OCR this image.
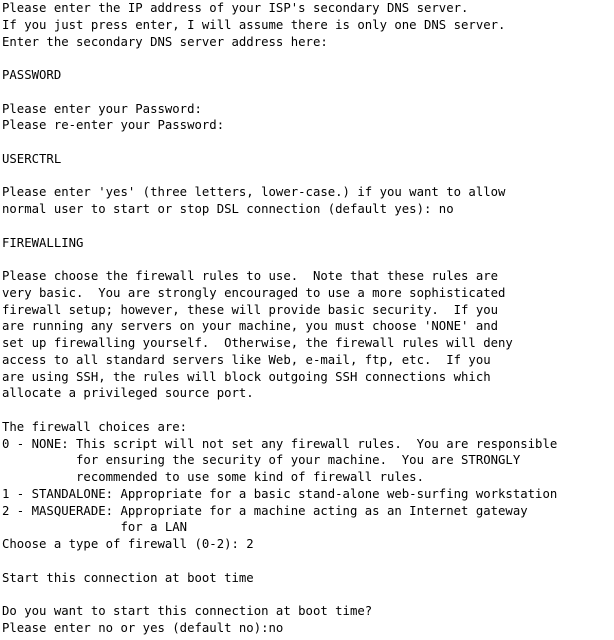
Please enter the IP address of your ISP's secondary DNS server.
If you just press enter, I will assume there is only one DNS server.
Enter the secondary DNS server address here:
PASSWORD
Please enter your Password:
Please re-enter your Password:
USERCTRL
Please enter 'yes' (three letters, lower-case.) if you want to allow
normal user to start or stop DSL connection (default yes): no
FIREWALLING
Please choose the firewall rules to use.  Note that these rules are
very basic.  You are strongly encouraged to use a more sophisticated
firewall setup; however, these will provide basic security.  If you
are running any servers on your machine, you must choose 'NONE' and
set up firewalling yourself.  Otherwise, the firewall rules will deny
access to all standard servers like Web, e-mail, ftp, etc.  If you
are using SSH, the rules will block outgoing SSH connections which
allocate a privileged source port.
The firewall choices are:
0 - NONE: This script will not set any firewall rules.  You are responsible
for ensuring the security of your machine.  You are STRONGLY
recommended to use some kind of firewall rules.
1 - STANDALONE: Appropriate for a basic stand-alone web-surfing workstation
2 - MASQUERADE: Appropriate for a machine acting as an Internet gateway
for a LAN
Choose a type of firewall (0-2): 2
Start this connection at boot time
Do you want to start this connection at boot time?
Please enter no or yes (default no):no
